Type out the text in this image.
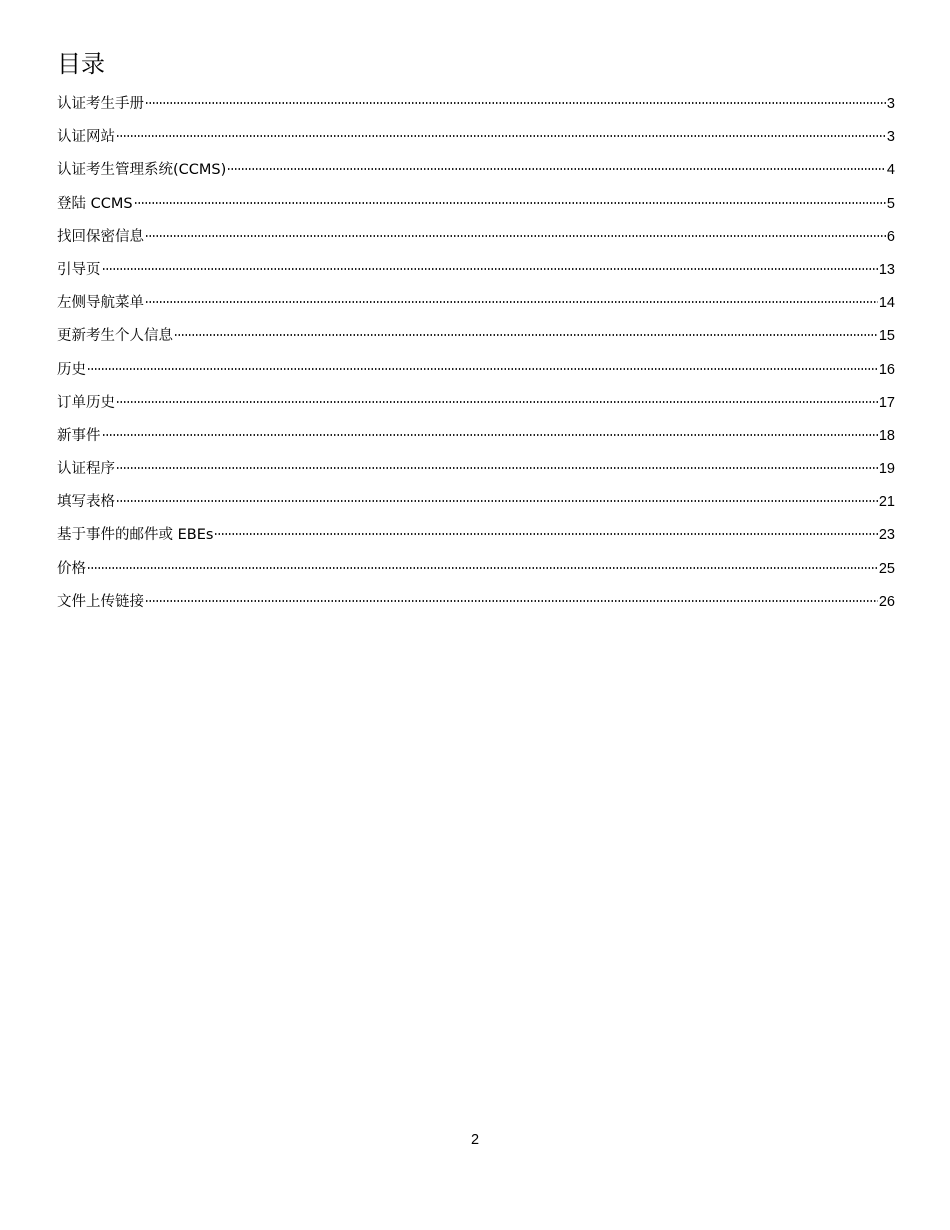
目录
认证考生手册	3
认证网站	3
认证考生管理系统(CCMS)	4
登陆 CCMS	5
找回保密信息	6
引导页	13
左侧导航菜单	14
更新考生个人信息	15
历史	16
订单历史	17
新事件	18
认证程序	19
填写表格	21
基于事件的邮件或 EBEs	23
价格	25
文件上传链接	26
2
